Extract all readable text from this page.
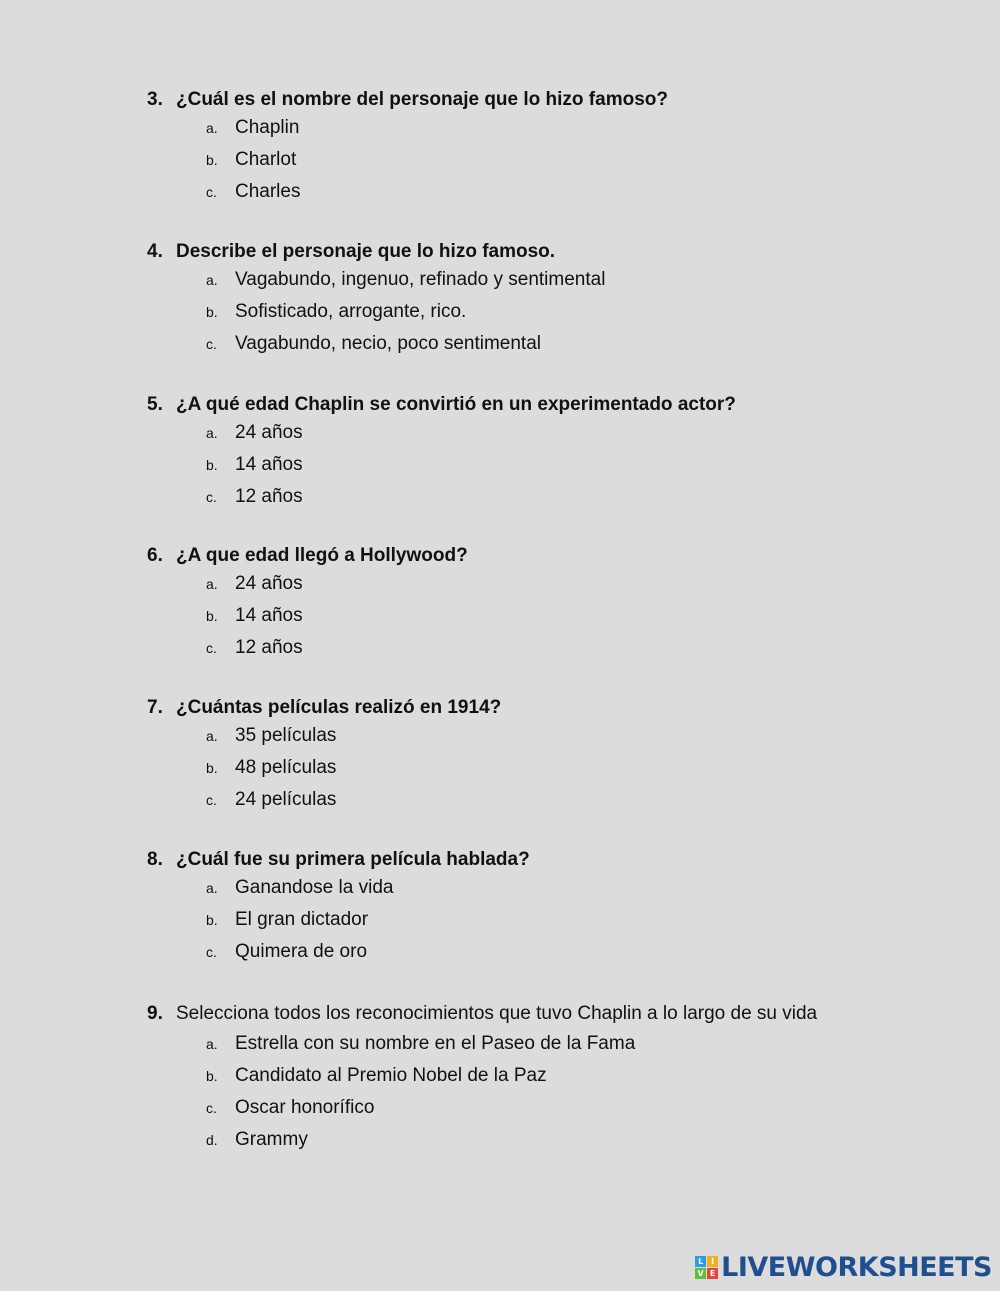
3. ¿Cuál es el nombre del personaje que lo hizo famoso?
a. Chaplin
b. Charlot
c. Charles
4. Describe el personaje que lo hizo famoso.
a. Vagabundo, ingenuo, refinado y sentimental
b. Sofisticado, arrogante, rico.
c. Vagabundo, necio, poco sentimental
5. ¿A qué edad Chaplin se convirtió en un experimentado actor?
a. 24 años
b. 14 años
c. 12 años
6. ¿A que edad llegó a Hollywood?
a. 24 años
b. 14 años
c. 12 años
7. ¿Cuántas películas realizó en 1914?
a. 35 películas
b. 48 películas
c. 24 películas
8. ¿Cuál fue su primera película hablada?
a. Ganandose la vida
b. El gran dictador
c. Quimera de oro
9. Selecciona todos los reconocimientos que tuvo Chaplin a lo largo de su vida
a. Estrella con su nombre en el Paseo de la Fama
b. Candidato al Premio Nobel de la Paz
c. Oscar honorífico
d. Grammy
L I
V E LIVEWORKSHEETS
